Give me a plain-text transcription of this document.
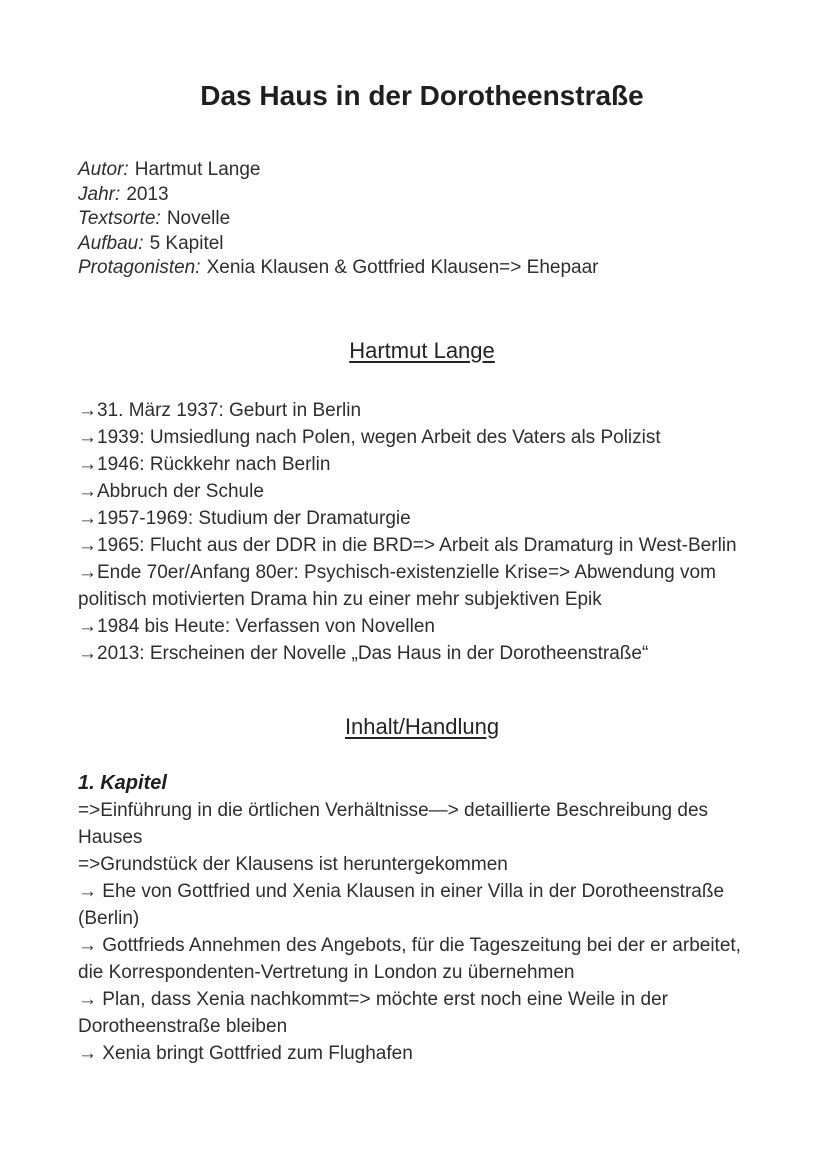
Das Haus in der Dorotheenstraße

Autor: Hartmut Lange

Jahr: 2013

Textsorte: Novelle

Aufbau: 5 Kapitel

Protagonisten: Xenia Klausen & Gottfried Klausen=> Ehepaar

Hartmut Lange

→31. März 1937: Geburt in Berlin

→1939: Umsiedlung nach Polen, wegen Arbeit des Vaters als Polizist

→1946: Rückkehr nach Berlin

→Abbruch der Schule

→1957-1969: Studium der Dramaturgie

→1965: Flucht aus der DDR in die BRD=> Arbeit als Dramaturg in West-Berlin

→Ende 70er/Anfang 80er: Psychisch-existenzielle Krise=> Abwendung vom politisch motivierten Drama hin zu einer mehr subjektiven Epik

→1984 bis Heute: Verfassen von Novellen

→2013: Erscheinen der Novelle „Das Haus in der Dorotheenstraße“

Inhalt/Handlung
1. Kapitel

=>Einführung in die örtlichen Verhältnisse—> detaillierte Beschreibung des Hauses

=>Grundstück der Klausens ist heruntergekommen

→ Ehe von Gottfried und Xenia Klausen in einer Villa in der Dorotheenstraße (Berlin)

→ Gottfrieds Annehmen des Angebots, für die Tageszeitung bei der er arbeitet, die Korrespondenten-Vertretung in London zu übernehmen

→ Plan, dass Xenia nachkommt=> möchte erst noch eine Weile in der Dorotheenstraße bleiben

→ Xenia bringt Gottfried zum Flughafen
